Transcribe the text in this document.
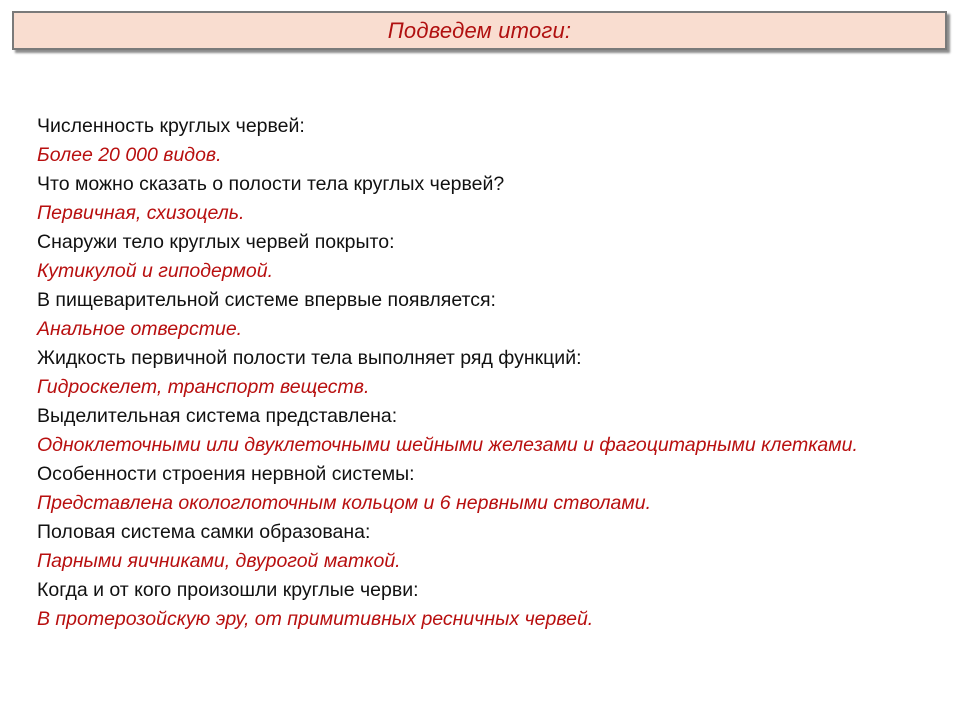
Подведем итоги:
Численность круглых червей:
Более 20 000 видов.
Что можно сказать о полости тела круглых червей?
Первичная, схизоцель.
Снаружи тело круглых червей покрыто:
Кутикулой и гиподермой.
В пищеварительной системе впервые появляется:
Анальное отверстие.
Жидкость первичной полости тела выполняет ряд функций:
Гидроскелет, транспорт веществ.
Выделительная система представлена:
Одноклеточными или двуклеточными шейными железами и фагоцитарными клетками.
Особенности строения нервной системы:
Представлена окологлоточным кольцом и 6 нервными стволами.
Половая система самки образована:
Парными яичниками, двурогой маткой.
Когда и от кого произошли круглые черви:
В протерозойскую эру, от примитивных ресничных червей.
